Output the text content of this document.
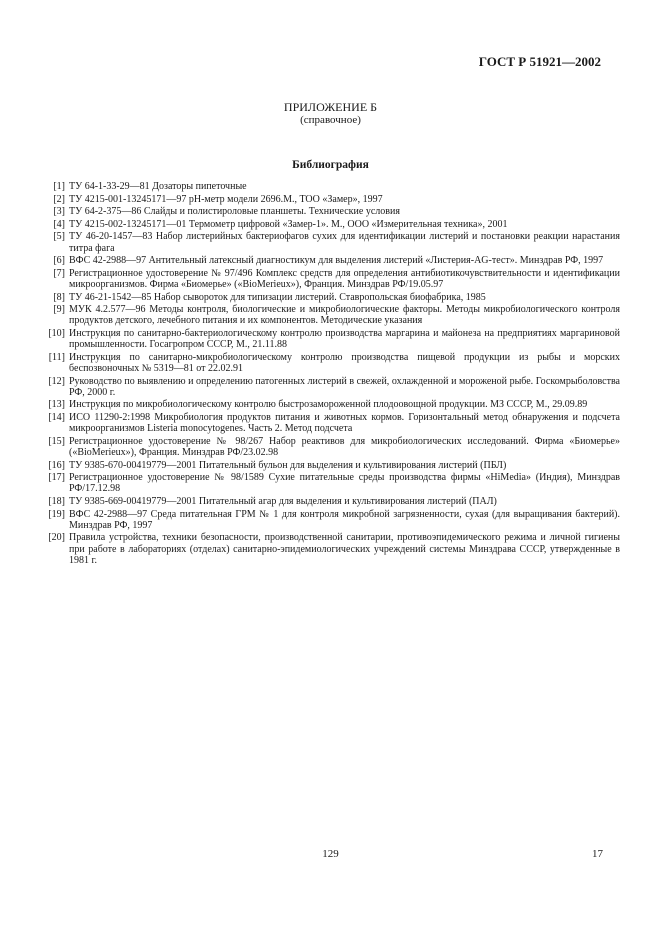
ГОСТ Р 51921—2002
ПРИЛОЖЕНИЕ Б
(справочное)
Библиография
[1] ТУ 64-1-33-29—81 Дозаторы пипеточные
[2] ТУ 4215-001-13245171—97 рН-метр модели 2696.М., ТОО «Замер», 1997
[3] ТУ 64-2-375—86 Слайды и полистироловые планшеты. Технические условия
[4] ТУ 4215-002-13245171—01 Термометр цифровой «Замер-1». М., ООО «Измерительная техника», 2001
[5] ТУ 46-20-1457—83 Набор листерийных бактериофагов сухих для идентификации листерий и постановки реакции нарастания титра фага
[6] ВФС 42-2988—97 Антительный латексный диагностикум для выделения листерий «Листерия-AG-тест». Минздрав РФ, 1997
[7] Регистрационное удостоверение № 97/496 Комплекс средств для определения антибиотикочувствительности и идентификации микроорганизмов. Фирма «Биомерье» («BioMerieux»), Франция. Минздрав РФ/19.05.97
[8] ТУ 46-21-1542—85 Набор сывороток для типизации листерий. Ставропольская биофабрика, 1985
[9] МУК 4.2.577—96 Методы контроля, биологические и микробиологические факторы. Методы микробиологического контроля продуктов детского, лечебного питания и их компонентов. Методические указания
[10] Инструкция по санитарно-бактериологическому контролю производства маргарина и майонеза на предприятиях маргариновой промышленности. Госагропром СССР, М., 21.11.88
[11] Инструкция по санитарно-микробиологическому контролю производства пищевой продукции из рыбы и морских беспозвоночных № 5319—81 от 22.02.91
[12] Руководство по выявлению и определению патогенных листерий в свежей, охлажденной и мороженой рыбе. Госкомрыболовства РФ, 2000 г.
[13] Инструкция по микробиологическому контролю быстрозамороженной плодоовощной продукции. МЗ СССР, М., 29.09.89
[14] ИСО 11290-2:1998 Микробиология продуктов питания и животных кормов. Горизонтальный метод обнаружения и подсчета микроорганизмов Listeria monocytogenes. Часть 2. Метод подсчета
[15] Регистрационное удостоверение № 98/267 Набор реактивов для микробиологических исследований. Фирма «Биомерье» («BioMerieux»), Франция. Минздрав РФ/23.02.98
[16] ТУ 9385-670-00419779—2001 Питательный бульон для выделения и культивирования листерий (ПБЛ)
[17] Регистрационное удостоверение № 98/1589 Сухие питательные среды производства фирмы «HiMedia» (Индия), Минздрав РФ/17.12.98
[18] ТУ 9385-669-00419779—2001 Питательный агар для выделения и культивирования листерий (ПАЛ)
[19] ВФС 42-2988—97 Среда питательная ГРМ № 1 для контроля микробной загрязненности, сухая (для выращивания бактерий). Минздрав РФ, 1997
[20] Правила устройства, техники безопасности, производственной санитарии, противоэпидемического режима и личной гигиены при работе в лабораториях (отделах) санитарно-эпидемиологических учреждений системы Минздрава СССР, утвержденные в 1981 г.
129	17
